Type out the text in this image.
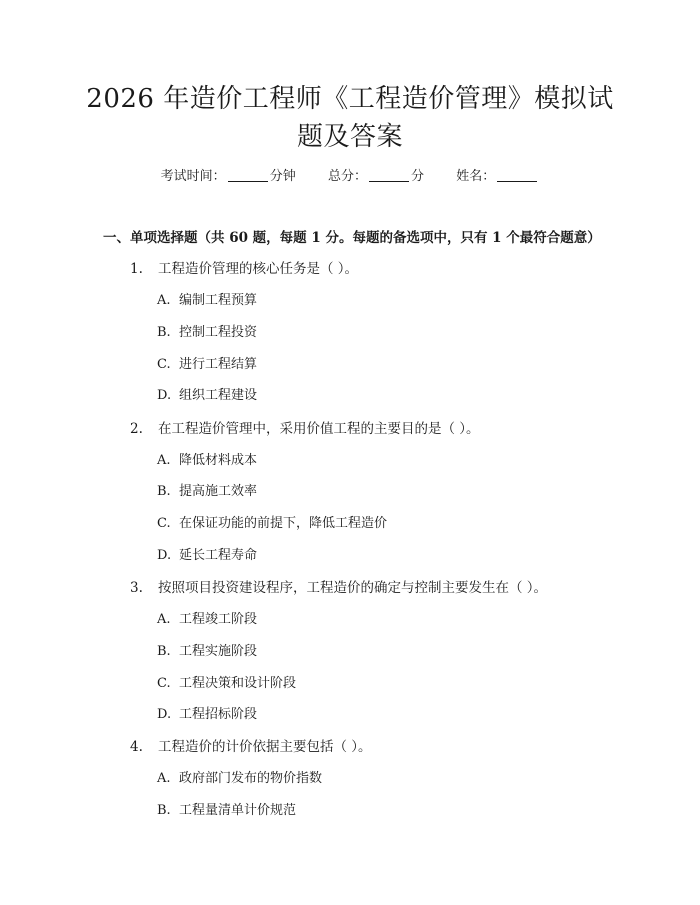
2026 年造价工程师《工程造价管理》模拟试
题及答案
考试时间：	分钟 总分：	分 姓名：
一、单项选择题（共 60 题，每题 1 分。每题的备选项中，只有 1 个最符合题意）
1. 工程造价管理的核心任务是（ ）。
A. 编制工程预算
B. 控制工程投资
C. 进行工程结算
D. 组织工程建设
2. 在工程造价管理中，采用价值工程的主要目的是（ ）。
A. 降低材料成本
B. 提高施工效率
C. 在保证功能的前提下，降低工程造价
D. 延长工程寿命
3. 按照项目投资建设程序，工程造价的确定与控制主要发生在（ ）。
A. 工程竣工阶段
B. 工程实施阶段
C. 工程决策和设计阶段
D. 工程招标阶段
4. 工程造价的计价依据主要包括（ ）。
A. 政府部门发布的物价指数
B. 工程量清单计价规范
